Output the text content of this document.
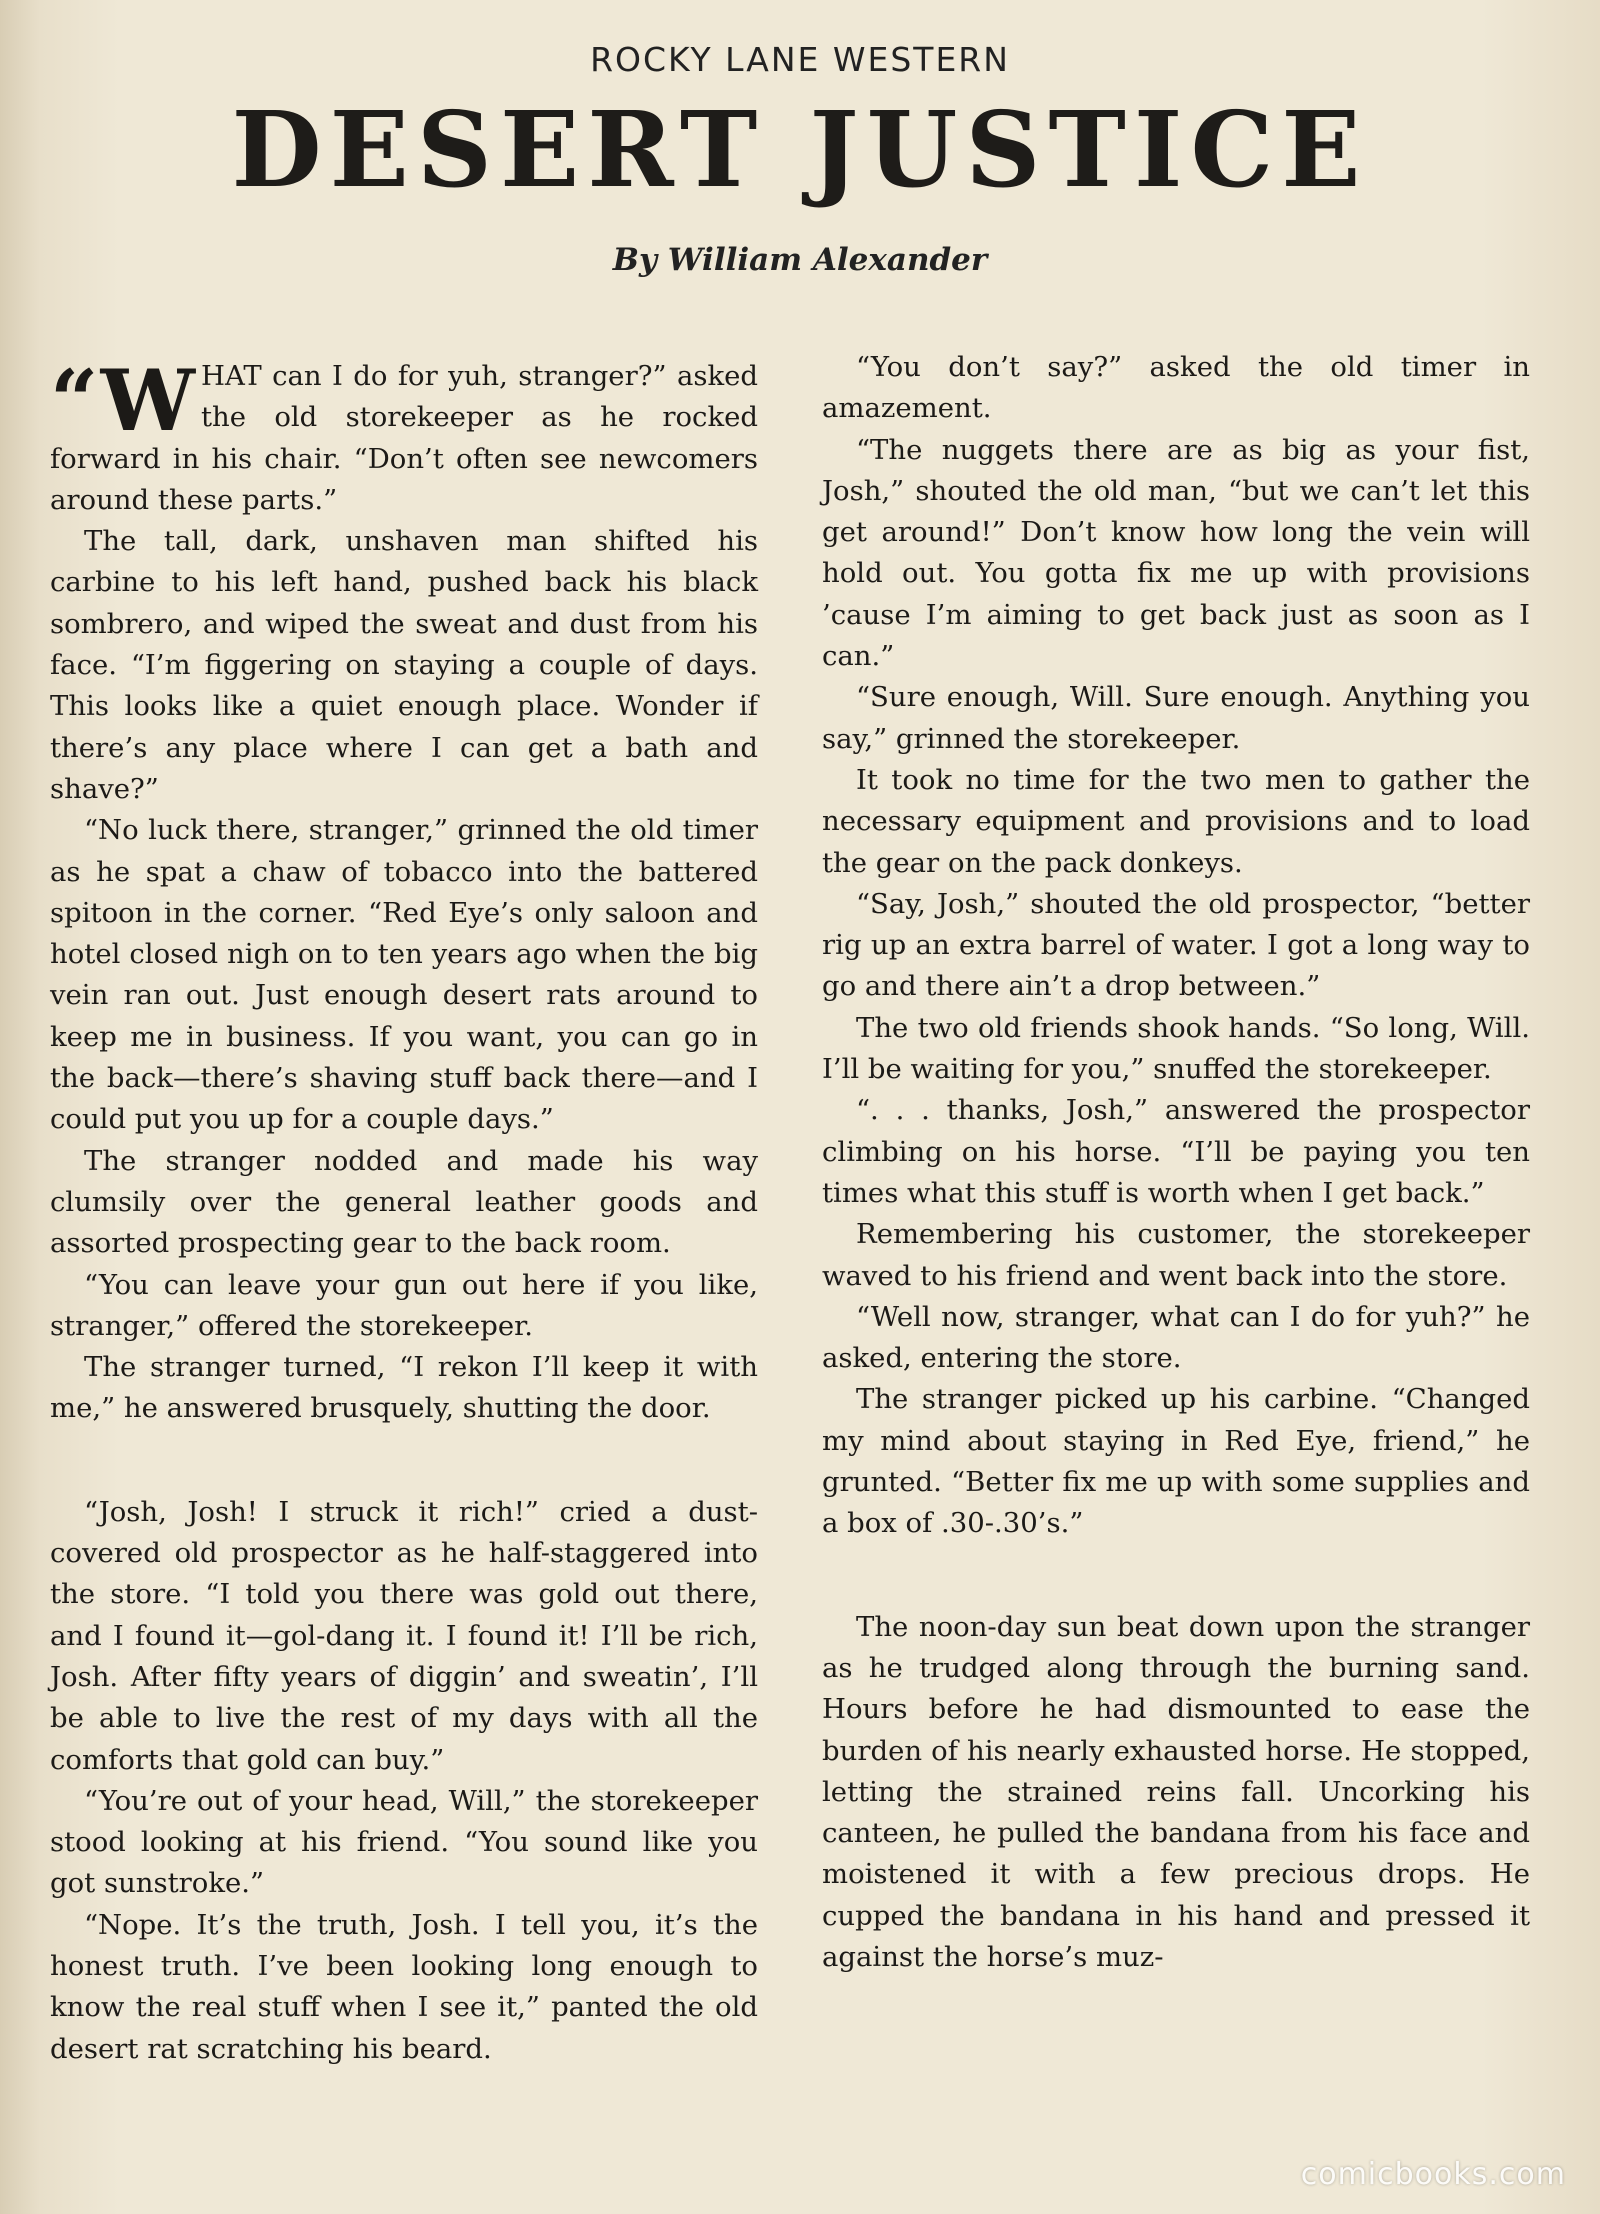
ROCKY LANE WESTERN
DESERT JUSTICE
By William Alexander

“WHAT can I do for yuh, stranger?” asked the old storekeeper as he rocked forward in his chair. “Don’t often see newcomers around these parts.”

The tall, dark, unshaven man shifted his carbine to his left hand, pushed back his black sombrero, and wiped the sweat and dust from his face. “I’m figgering on staying a couple of days. This looks like a quiet enough place. Wonder if there’s any place where I can get a bath and shave?”

“No luck there, stranger,” grinned the old timer as he spat a chaw of tobacco into the battered spitoon in the corner. “Red Eye’s only saloon and hotel closed nigh on to ten years ago when the big vein ran out. Just enough desert rats around to keep me in business. If you want, you can go in the back—there’s shaving stuff back there—and I could put you up for a couple days.”

The stranger nodded and made his way clumsily over the general leather goods and assorted prospecting gear to the back room.

“You can leave your gun out here if you like, stranger,” offered the storekeeper.

The stranger turned, “I rekon I’ll keep it with me,” he answered brusquely, shutting the door.

“Josh, Josh! I struck it rich!” cried a dust-covered old prospector as he half-staggered into the store. “I told you there was gold out there, and I found it—gol-dang it. I found it! I’ll be rich, Josh. After fifty years of diggin’ and sweatin’, I’ll be able to live the rest of my days with all the comforts that gold can buy.”

“You’re out of your head, Will,” the storekeeper stood looking at his friend. “You sound like you got sunstroke.”

“Nope. It’s the truth, Josh. I tell you, it’s the honest truth. I’ve been looking long enough to know the real stuff when I see it,” panted the old desert rat scratching his beard.

“You don’t say?” asked the old timer in amazement.

“The nuggets there are as big as your fist, Josh,” shouted the old man, “but we can’t let this get around!” Don’t know how long the vein will hold out. You gotta fix me up with provisions ’cause I’m aiming to get back just as soon as I can.”

“Sure enough, Will. Sure enough. Anything you say,” grinned the storekeeper.

It took no time for the two men to gather the necessary equipment and provisions and to load the gear on the pack donkeys.

“Say, Josh,” shouted the old prospector, “better rig up an extra barrel of water. I got a long way to go and there ain’t a drop between.”

The two old friends shook hands. “So long, Will. I’ll be waiting for you,” snuffed the storekeeper.

“. . . thanks, Josh,” answered the prospector climbing on his horse. “I’ll be paying you ten times what this stuff is worth when I get back.”

Remembering his customer, the storekeeper waved to his friend and went back into the store.

“Well now, stranger, what can I do for yuh?” he asked, entering the store.

The stranger picked up his carbine. “Changed my mind about staying in Red Eye, friend,” he grunted. “Better fix me up with some supplies and a box of .30-.30’s.”

The noon-day sun beat down upon the stranger as he trudged along through the burning sand. Hours before he had dismounted to ease the burden of his nearly exhausted horse. He stopped, letting the strained reins fall. Uncorking his canteen, he pulled the bandana from his face and moistened it with a few precious drops. He cupped the bandana in his hand and pressed it against the horse’s muz-

comicbooks.com
